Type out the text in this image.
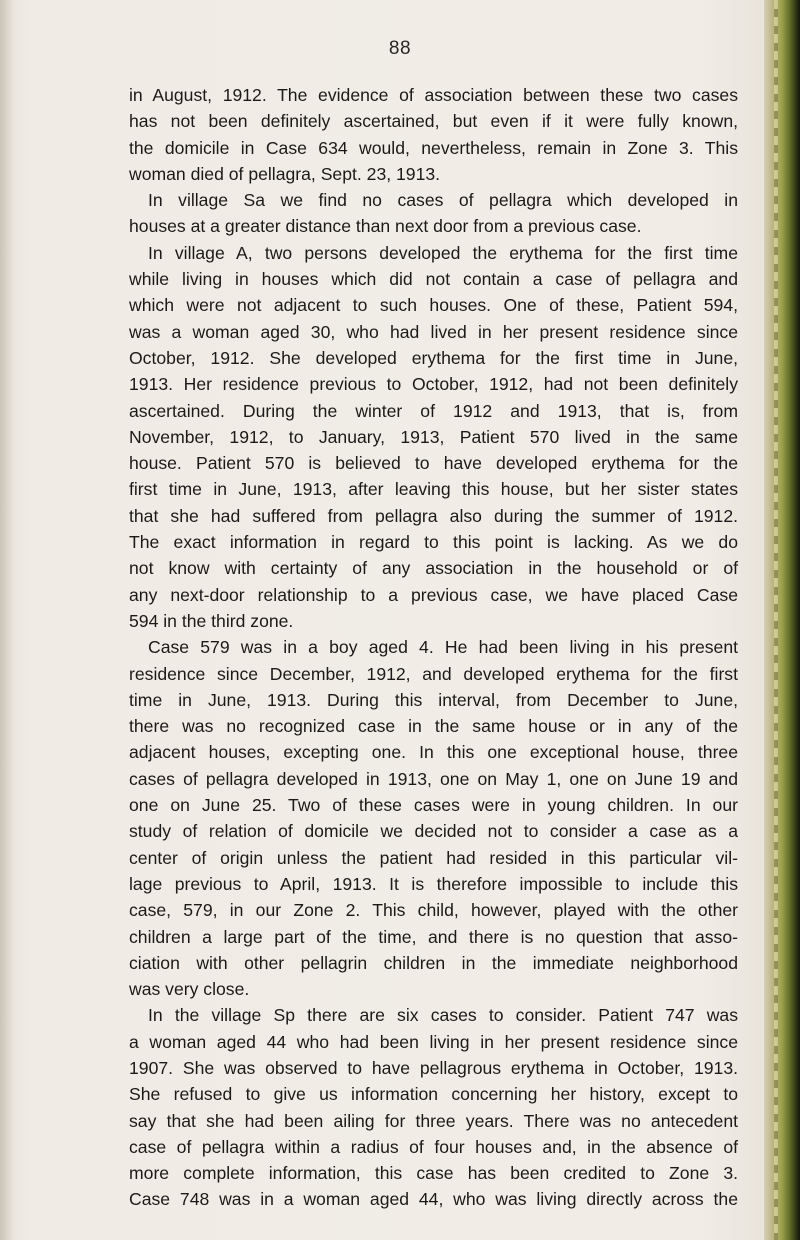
88
in August, 1912. The evidence of association between these two cases
has not been definitely ascertained, but even if it were fully known,
the domicile in Case 634 would, nevertheless, remain in Zone 3. This
woman died of pellagra, Sept. 23, 1913.
In village Sa we find no cases of pellagra which developed in
houses at a greater distance than next door from a previous case.
In village A, two persons developed the erythema for the first time
while living in houses which did not contain a case of pellagra and
which were not adjacent to such houses. One of these, Patient 594,
was a woman aged 30, who had lived in her present residence since
October, 1912. She developed erythema for the first time in June,
1913. Her residence previous to October, 1912, had not been definitely
ascertained. During the winter of 1912 and 1913, that is, from
November, 1912, to January, 1913, Patient 570 lived in the same
house. Patient 570 is believed to have developed erythema for the
first time in June, 1913, after leaving this house, but her sister states
that she had suffered from pellagra also during the summer of 1912.
The exact information in regard to this point is lacking. As we do
not know with certainty of any association in the household or of
any next-door relationship to a previous case, we have placed Case
594 in the third zone.
Case 579 was in a boy aged 4. He had been living in his present
residence since December, 1912, and developed erythema for the first
time in June, 1913. During this interval, from December to June,
there was no recognized case in the same house or in any of the
adjacent houses, excepting one. In this one exceptional house, three
cases of pellagra developed in 1913, one on May 1, one on June 19 and
one on June 25. Two of these cases were in young children. In our
study of relation of domicile we decided not to consider a case as a
center of origin unless the patient had resided in this particular vil-
lage previous to April, 1913. It is therefore impossible to include this
case, 579, in our Zone 2. This child, however, played with the other
children a large part of the time, and there is no question that asso-
ciation with other pellagrin children in the immediate neighborhood
was very close.
In the village Sp there are six cases to consider. Patient 747 was
a woman aged 44 who had been living in her present residence since
1907. She was observed to have pellagrous erythema in October, 1913.
She refused to give us information concerning her history, except to
say that she had been ailing for three years. There was no antecedent
case of pellagra within a radius of four houses and, in the absence of
more complete information, this case has been credited to Zone 3.
Case 748 was in a woman aged 44, who was living directly across the
